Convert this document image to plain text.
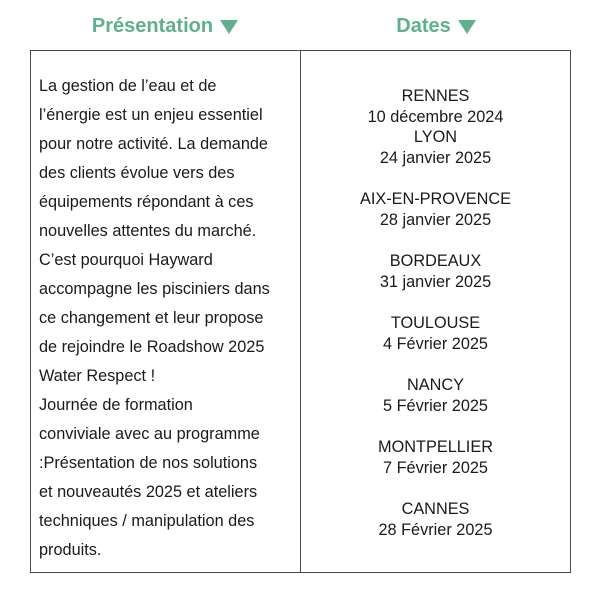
Présentation	Dates

La gestion de l’eau et de

l’énergie est un enjeu essentiel

pour notre activité. La demande

des clients évolue vers des

équipements répondant à ces

nouvelles attentes du marché.

C’est pourquoi Hayward

accompagne les pisciniers dans

ce changement et leur propose

de rejoindre le Roadshow 2025

Water Respect !

Journée de formation

conviviale avec au programme

:Présentation de nos solutions

et nouveautés 2025 et ateliers

techniques / manipulation des

produits.

RENNES
10 décembre 2024
LYON
24 janvier 2025
AIX-EN-PROVENCE
28 janvier 2025
BORDEAUX
31 janvier 2025
TOULOUSE
4 Février 2025
NANCY
5 Février 2025
MONTPELLIER
7 Février 2025
CANNES
28 Février 2025
